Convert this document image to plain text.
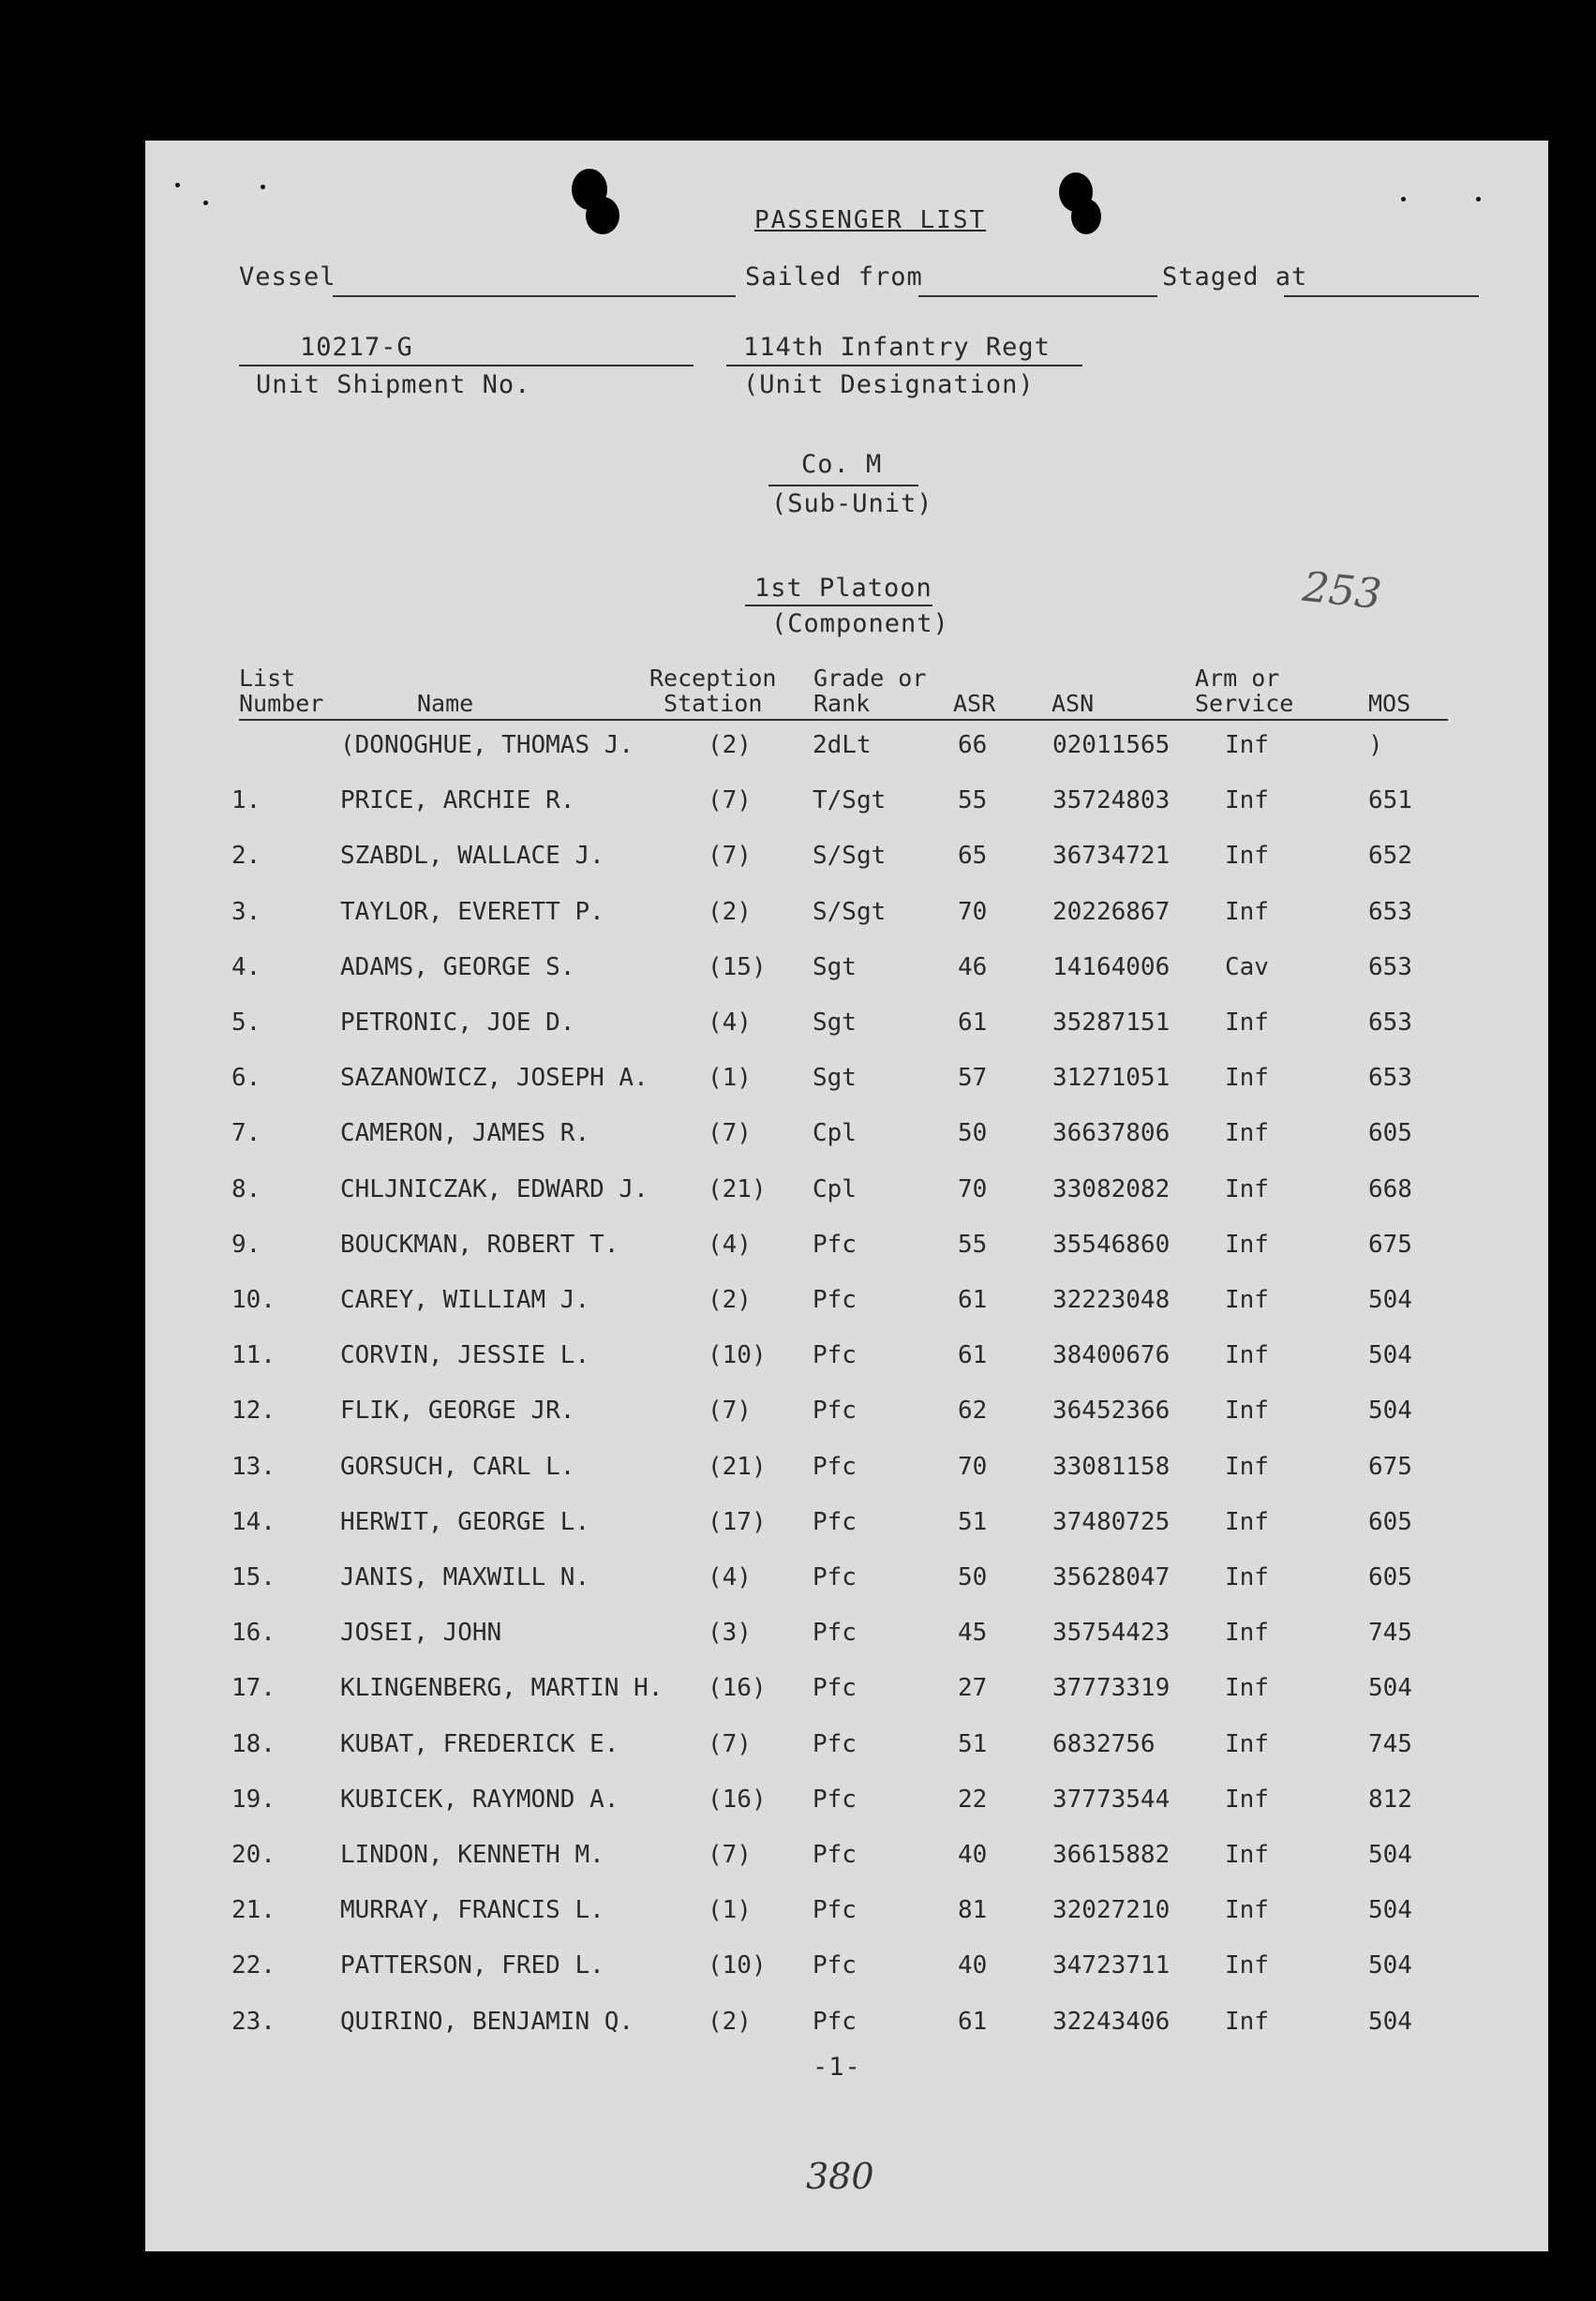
PASSENGER LIST
Vessel	Sailed from	Staged at
10217-G
Unit Shipment No.
114th Infantry Regt
(Unit Designation)
Co. M
(Sub-Unit)
1st Platoon
(Component)
253
List
Number	Name
Reception
Station
Grade or
Rank	ASR ASN
Arm or
Service	MOS
(DONOGHUE, THOMAS J.	(2)	2dLt	66	02011565 Inf	)
1.	PRICE, ARCHIE R.	(7)	T/Sgt	55	35724803 Inf	651
2.	SZABDL, WALLACE J.	(7)	S/Sgt	65	36734721 Inf	652
3.	TAYLOR, EVERETT P.	(2)	S/Sgt	70	20226867 Inf	653
4.	ADAMS, GEORGE S.	(15) Sgt	46	14164006 Cav	653
5.	PETRONIC, JOE D.	(4)	Sgt	61	35287151 Inf	653
6.	SAZANOWICZ, JOSEPH A. (1)	Sgt	57	31271051 Inf	653
7.	CAMERON, JAMES R.	(7)	Cpl	50	36637806 Inf	605
8.	CHLJNICZAK, EDWARD J. (21) Cpl	70	33082082 Inf	668
9.	BOUCKMAN, ROBERT T.	(4)	Pfc	55	35546860 Inf	675
10.	CAREY, WILLIAM J.	(2)	Pfc	61	32223048 Inf	504
11.	CORVIN, JESSIE L.	(10) Pfc	61	38400676 Inf	504
12.	FLIK, GEORGE JR.	(7)	Pfc	62	36452366 Inf	504
13.	GORSUCH, CARL L.	(21) Pfc	70	33081158 Inf	675
14.	HERWIT, GEORGE L.	(17) Pfc	51	37480725 Inf	605
15.	JANIS, MAXWILL N.	(4)	Pfc	50	35628047 Inf	605
16.	JOSEI, JOHN	(3)	Pfc	45	35754423 Inf	745
17.	KLINGENBERG, MARTIN H. (16) Pfc	27	37773319 Inf	504
18.	KUBAT, FREDERICK E.	(7)	Pfc	51	6832756	Inf	745
19.	KUBICEK, RAYMOND A.	(16) Pfc	22	37773544 Inf	812
20.	LINDON, KENNETH M.	(7)	Pfc	40	36615882 Inf	504
21.	MURRAY, FRANCIS L.	(1)	Pfc	81	32027210 Inf	504
22.	PATTERSON, FRED L.	(10) Pfc	40	34723711 Inf	504
23.	QUIRINO, BENJAMIN Q.	(2)	Pfc	61	32243406 Inf	504
-1-
380
